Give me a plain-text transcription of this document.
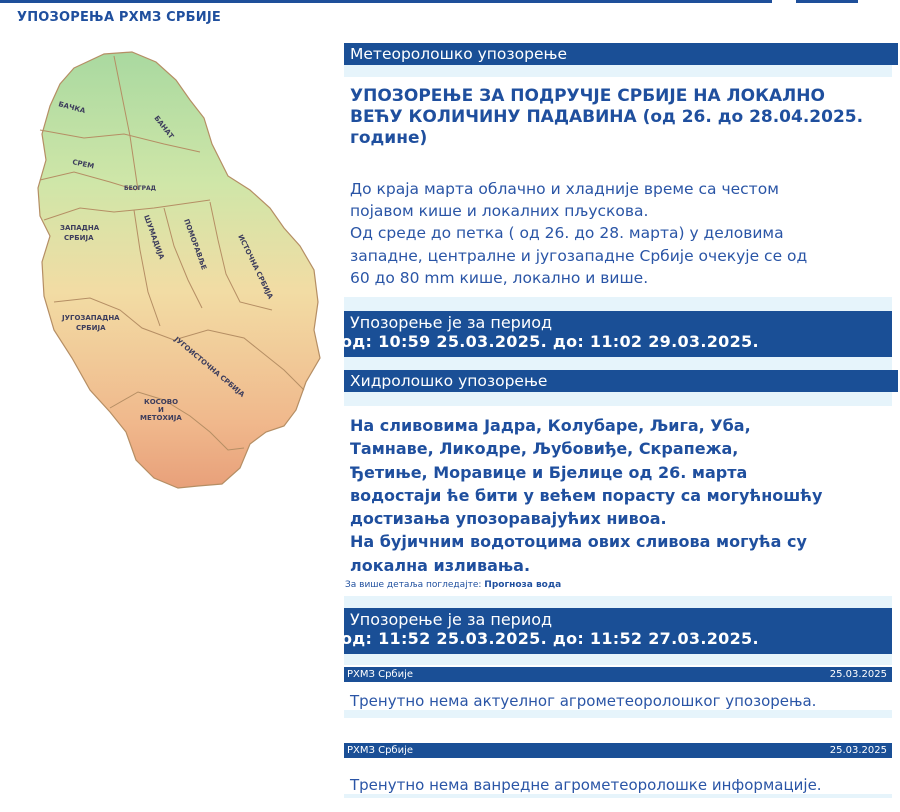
УПОЗОРЕЊА РХМЗ СРБИЈЕ
БАЧКА
БАНАТ
СРЕМ
БЕОГРАД
ЗАПАДНА
СРБИЈА	ШУМАДИЈА ПОМОРАВЉЕ	ИСТОЧНА СРБИЈА
ЈУГОЗАПАДНА
СРБИЈА
ЈУГОИСТОЧНА СРБИЈА
КОСОВО
И
МЕТОХИЈА
Метеоролошко упозорење
УПОЗОРЕЊЕ ЗА ПОДРУЧЈЕ СРБИЈЕ НА ЛОКАЛНО ВЕЋУ КОЛИЧИНУ ПАДАВИНА (од 26. до 28.04.2025. године)
До краја марта облачно и хладније време са честом
појавом кише и локалних пљускова.
Од среде до петка ( од 26. до 28. марта) у деловима
западне, централне и југозападне Србије очекује се од
60 до 80 mm кише, локално и више.
Упозорење је за период
од: 10:59 25.03.2025. до: 11:02 29.03.2025.
Хидролошко упозорење
На сливовима Јадра, Колубаре, Љига, Уба,
Тамнаве, Ликодре, Љубовиђе, Скрапежа,
Ђетиње, Моравице и Бјелице од 26. марта
водостаји ће бити у већем порасту са могућношћу
достизања упозоравајућих нивоа.
На бујичним водотоцима ових сливова могућа су
локална изливања.
За више детаља погледајте: Прогноза вода
Упозорење је за период
од: 11:52 25.03.2025. до: 11:52 27.03.2025.
РХМЗ Србије	25.03.2025
Тренутно нема актуелног агрометеоролошког упозорења.
РХМЗ Србије	25.03.2025
Тренутно нема ванредне агрометеоролошке информације.
